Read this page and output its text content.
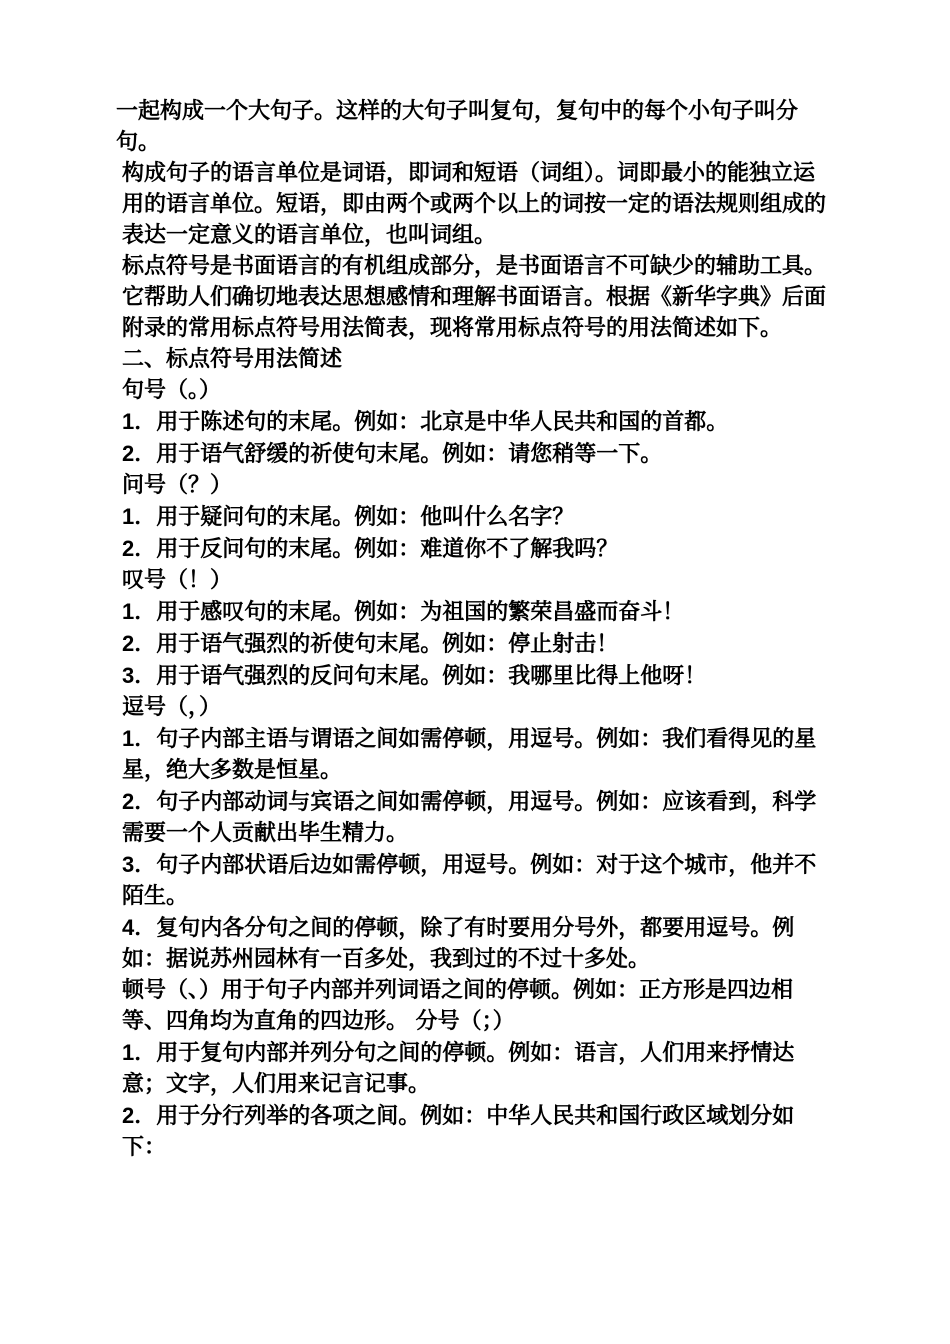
一起构成一个大句子。这样的大句子叫复句，复句中的每个小句子叫分句。

构成句子的语言单位是词语，即词和短语（词组）。词即最小的能独立运用的语言单位。短语，即由两个或两个以上的词按一定的语法规则组成的表达一定意义的语言单位，也叫词组。

标点符号是书面语言的有机组成部分，是书面语言不可缺少的辅助工具。它帮助人们确切地表达思想感情和理解书面语言。根据《新华字典》后面附录的常用标点符号用法简表，现将常用标点符号的用法简述如下。

二、标点符号用法简述

句号（。）

1．用于陈述句的末尾。例如：北京是中华人民共和国的首都。

2．用于语气舒缓的祈使句末尾。例如：请您稍等一下。

问号（？）

1．用于疑问句的末尾。例如：他叫什么名字？

2．用于反问句的末尾。例如：难道你不了解我吗？

叹号（！）

1．用于感叹句的末尾。例如：为祖国的繁荣昌盛而奋斗！

2．用于语气强烈的祈使句末尾。例如：停止射击！

3．用于语气强烈的反问句末尾。例如：我哪里比得上他呀！

逗号（，）

1．句子内部主语与谓语之间如需停顿，用逗号。例如：我们看得见的星星，绝大多数是恒星。

2．句子内部动词与宾语之间如需停顿，用逗号。例如：应该看到，科学需要一个人贡献出毕生精力。

3．句子内部状语后边如需停顿，用逗号。例如：对于这个城市，他并不陌生。

4．复句内各分句之间的停顿，除了有时要用分号外，都要用逗号。例如：据说苏州园林有一百多处，我到过的不过十多处。

顿号（、）用于句子内部并列词语之间的停顿。例如：正方形是四边相等、四角均为直角的四边形。 分号（；）

1．用于复句内部并列分句之间的停顿。例如：语言，人们用来抒情达意；文字，人们用来记言记事。

2．用于分行列举的各项之间。例如：中华人民共和国行政区域划分如下：
